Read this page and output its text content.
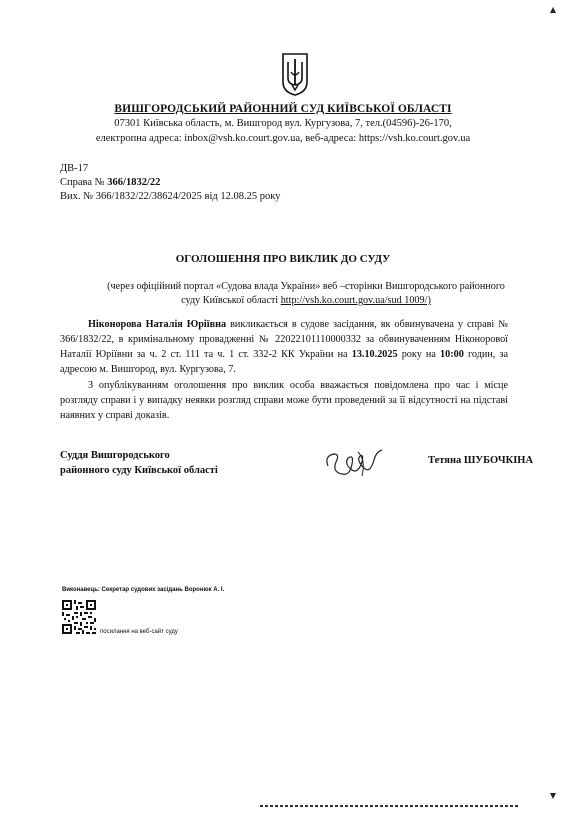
ВИШГОРОДСЬКИЙ РАЙОННИЙ СУД КИЇВСЬКОЇ ОБЛАСТІ
07301 Київська область, м. Вишгород вул. Кургузова, 7, тел.(04596)-26-170,
електропна адреса: inbox@vsh.ko.court.gov.ua, веб-адреса: https://vsh.ko.court.gov.ua
ДВ-17
Справа № 366/1832/22
Вих. № 366/1832/22/38624/2025 від 12.08.25 року
ОГОЛОШЕННЯ ПРО ВИКЛИК ДО СУДУ
(через офіційний портал «Судова влада України» веб –сторінки Вишгородського районного
суду Київської області http://vsh.ko.court.gov.ua/sud 1009/)
Ніконорова Наталія Юріївна викликається в судове засідання, як обвинувачена у справі № 366/1832/22, в кримінальному провадженні № 22022101110000332 за обвинуваченням Ніконорової Наталії Юріївни за ч. 2 ст. 111 та ч. 1 ст. 332-2 КК України на 13.10.2025 року на 10:00 годин, за адресою м. Вишгород, вул. Кургузова, 7.
З опублікуванням оголошення про виклик особа вважається повідомлена про час і місце розгляду справи і у випадку неявки розгляд справи може бути проведений за її відсутності на підставі наявних у справі доказів.
Суддя Вишгородського
районного суду Київської області
Тетяна ШУБОЧКІНА
Виконавець: Секретар судових засідань Воронюк А. І.
посилання на веб-сайт суду
